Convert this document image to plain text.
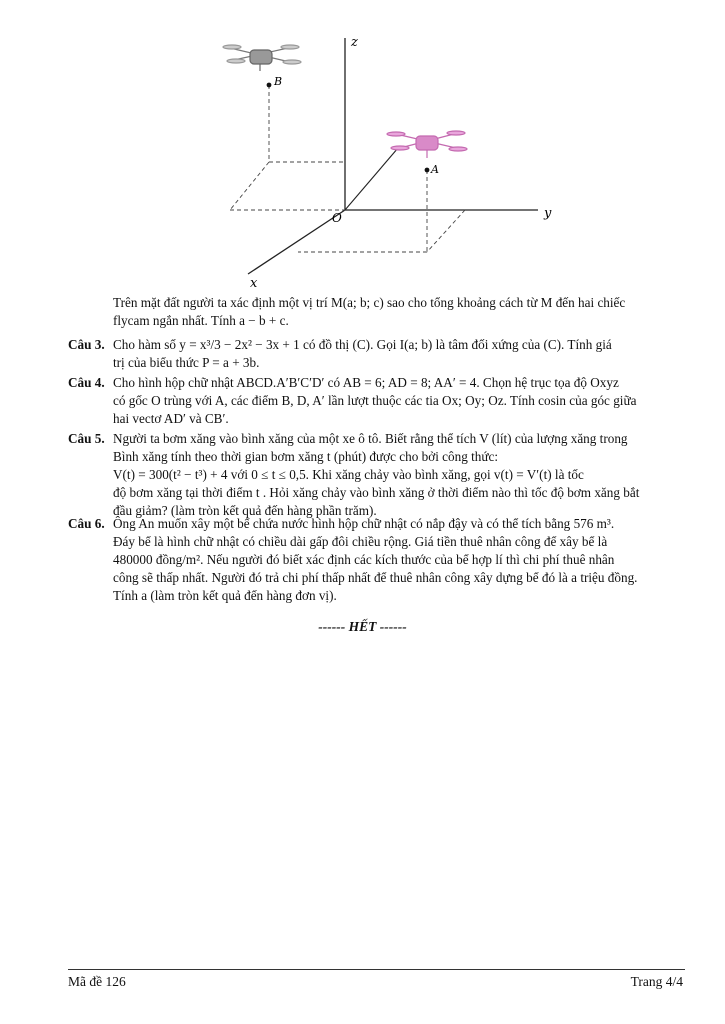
z
y
x
O
A
B
Trên mặt đất người ta xác định một vị trí M(a; b; c) sao cho tổng khoảng cách từ M đến hai chiếc
flycam ngắn nhất. Tính a − b + c.
Câu 3. Cho hàm số y = x³/3 − 2x² − 3x + 1 có đồ thị (C). Gọi I(a; b) là tâm đối xứng của (C). Tính giá
trị của biểu thức P = a + 3b.
Câu 4. Cho hình hộp chữ nhật ABCD.A′B′C′D′ có AB = 6; AD = 8; AA′ = 4. Chọn hệ trục tọa độ Oxyz
có gốc O trùng với A, các điểm B, D, A′ lần lượt thuộc các tia Ox; Oy; Oz. Tính cosin của góc giữa
hai vectơ AD′ và CB′.
Câu 5. Người ta bơm xăng vào bình xăng của một xe ô tô. Biết rằng thể tích V (lít) của lượng xăng trong
Bình xăng tính theo thời gian bơm xăng t (phút) được cho bởi công thức:
V(t) = 300(t² − t³) + 4 với 0 ≤ t ≤ 0,5. Khi xăng chảy vào bình xăng, gọi v(t) = V′(t) là tốc
độ bơm xăng tại thời điểm t . Hỏi xăng chảy vào bình xăng ở thời điểm nào thì tốc độ bơm xăng bắt
đầu giảm? (làm tròn kết quả đến hàng phần trăm).
Câu 6. Ông An muốn xây một bể chứa nước hình hộp chữ nhật có nắp đậy và có thể tích bằng 576 m³.
Đáy bể là hình chữ nhật có chiều dài gấp đôi chiều rộng. Giá tiền thuê nhân công để xây bể là
480000 đồng/m². Nếu người đó biết xác định các kích thước của bể hợp lí thì chi phí thuê nhân
công sẽ thấp nhất. Người đó trả chi phí thấp nhất để thuê nhân công xây dựng bể đó là a triệu đồng.
Tính a (làm tròn kết quả đến hàng đơn vị).
------ HẾT ------
Mã đề 126	Trang 4/4
